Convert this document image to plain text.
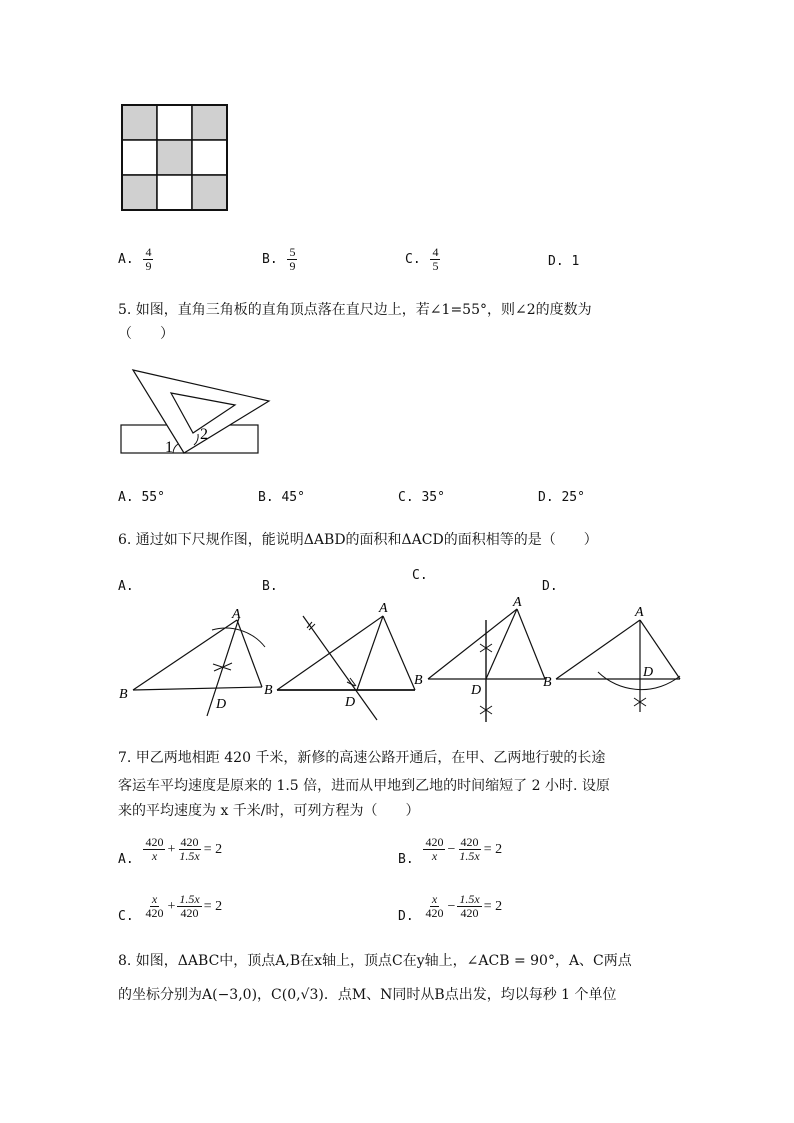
A. $\frac{4}{9}$	B. $\frac{5}{9}$	C. $\frac{4}{5}$	D. 1
5. 如图，直角三角板的直角顶点落在直尺边上，若∠1=55°，则∠2的度数为
（　　）
1
2
A. 55°	B. 45°	C. 35°	D. 25°
6. 通过如下尺规作图，能说明ΔABD的面积和ΔACD的面积相等的是（　　）
A.	B.
C.
D.
A
B
D
B
A
D
A
B
D
B
A
D
7. 甲乙两地相距 420 千米，新修的高速公路开通后，在甲、乙两地行驶的长途
客运车平均速度是原来的 1.5 倍，进而从甲地到乙地的时间缩短了 2 小时. 设原
来的平均速度为 x 千米/时，可列方程为（　　）
A. $\frac{420}{x} + \frac{420}{1.5x} = 2$
B. $\frac{420}{x} - \frac{420}{1.5x} = 2$
C. $\frac{x}{420} + \frac{1.5x}{420} = 2$
D. $\frac{x}{420} - \frac{1.5x}{420} = 2$
8. 如图，ΔABC中，顶点A,B在x轴上，顶点C在y轴上，∠ACB = 90°，A、C两点
的坐标分别为A(−3,0)，C(0,√3)．点M、N同时从B点出发，均以每秒 1 个单位
